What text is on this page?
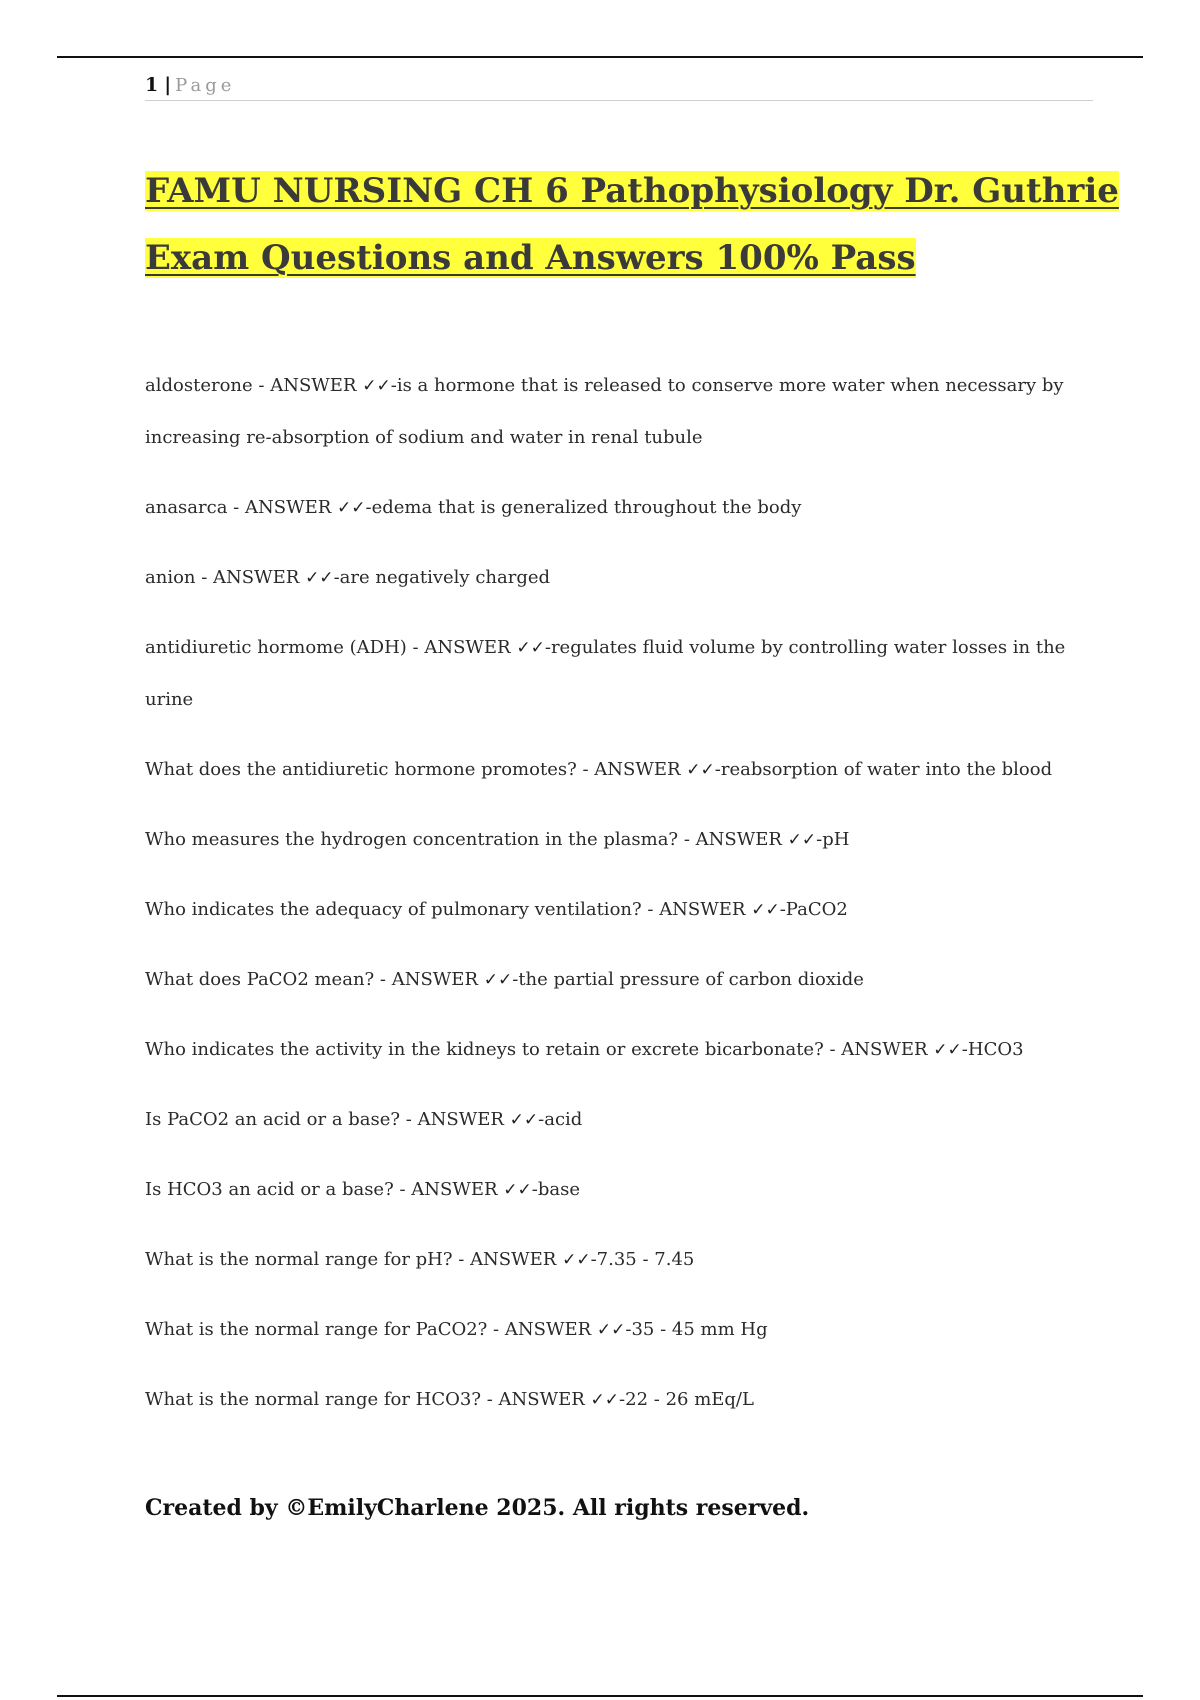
1 | Page
FAMU NURSING CH 6 Pathophysiology Dr. Guthrie
Exam Questions and Answers 100% Pass
aldosterone - ANSWER ✓✓-is a hormone that is released to conserve more water when necessary by increasing re-absorption of sodium and water in renal tubule
anasarca - ANSWER ✓✓-edema that is generalized throughout the body
anion - ANSWER ✓✓-are negatively charged
antidiuretic hormome (ADH) - ANSWER ✓✓-regulates fluid volume by controlling water losses in the urine
What does the antidiuretic hormone promotes? - ANSWER ✓✓-reabsorption of water into the blood
Who measures the hydrogen concentration in the plasma? - ANSWER ✓✓-pH
Who indicates the adequacy of pulmonary ventilation? - ANSWER ✓✓-PaCO2
What does PaCO2 mean? - ANSWER ✓✓-the partial pressure of carbon dioxide
Who indicates the activity in the kidneys to retain or excrete bicarbonate? - ANSWER ✓✓-HCO3
Is PaCO2 an acid or a base? - ANSWER ✓✓-acid
Is HCO3 an acid or a base? - ANSWER ✓✓-base
What is the normal range for pH? - ANSWER ✓✓-7.35 - 7.45
What is the normal range for PaCO2? - ANSWER ✓✓-35 - 45 mm Hg
What is the normal range for HCO3? - ANSWER ✓✓-22 - 26 mEq/L

Created by ©EmilyCharlene 2025. All rights reserved.
